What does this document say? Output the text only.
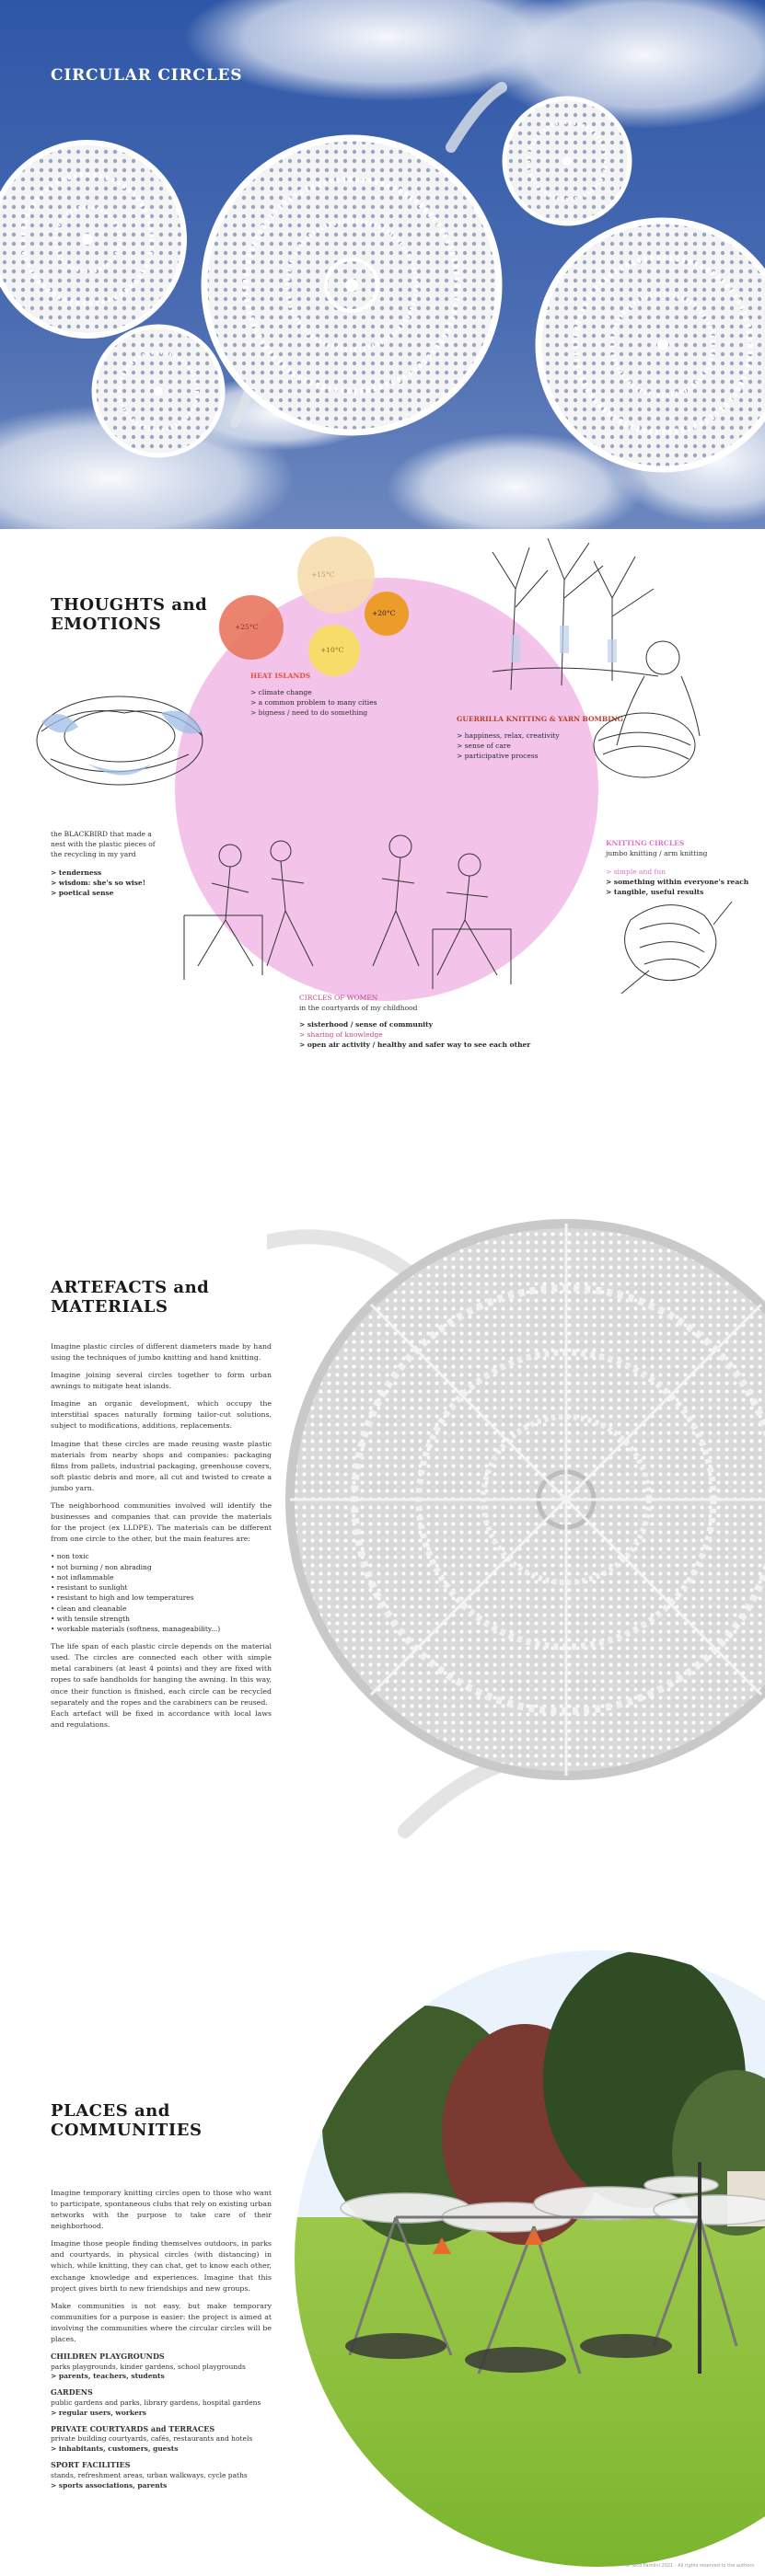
CIRCULAR CIRCLES
THOUGHTS and
EMOTIONS
+15°C
+25°C
+20°C
+10°C
HEAT ISLANDS
> climate change
> a common problem to many cities
> bigness / need to do something
GUERRILLA KNITTING & YARN BOMBING
> happiness, relax, creativity
> sense of care
> participative process
the BLACKBIRD that made a nest with the plastic pieces of the recycling in my yard
> tenderness
> wisdom: she's so wise!
> poetical sense
KNITTING CIRCLES
jumbo knitting / arm knitting
> simple and fun
> something within everyone's reach
> tangible, useful results
CIRCLES OF WOMEN
in the courtyards of my childhood
> sisterhood / sense of community
> sharing of knowledge
> open air activity / healthy and safer way to see each other
ARTEFACTS and
MATERIALS

Imagine plastic circles of different diameters made by hand using the techniques of jumbo knitting and hand knitting.

Imagine joining several circles together to form urban awnings to mitigate heat islands.

Imagine an organic development, which occupy the interstitial spaces naturally forming tailor-cut solutions, subject to modifications, additions, replacements.

Imagine that these circles are made reusing waste plastic materials from nearby shops and companies: packaging films from pallets, industrial packaging, greenhouse covers, soft plastic debris and more, all cut and twisted to create a jumbo yarn.

The neighborhood communities involved will identify the businesses and companies that can provide the materials for the project (ex LLDPE). The materials can be different from one circle to the other, but the main features are:

• non toxic
• not burning / non abrading
• not inflammable
• resistant to sunlight
• resistant to high and low temperatures
• clean and cleanable
• with tensile strength
• workable materials (softness, manageability...)

The life span of each plastic circle depends on the material used. The circles are connected each other with simple metal carabiners (at least 4 points) and they are fixed with ropes to safe handholds for hanging the awning. In this way, once their function is finished, each circle can be recycled separately and the ropes and the carabiners can be reused.

Each artefact will be fixed in accordance with local laws and regulations.

PLACES and
COMMUNITIES

Imagine temporary knitting circles open to those who want to participate, spontaneous clubs that rely on existing urban networks with the purpose to take care of their neighborhood.

Imagine those people finding themselves outdoors, in parks and courtyards, in physical circles (with distancing) in which, while knitting, they can chat, get to know each other, exchange knowledge and experiences. Imagine that this project gives birth to new friendships and new groups.

Make communities is not easy, but make temporary communities for a purpose is easier: the project is aimed at involving the communities where the circular circles will be places.

CHILDREN PLAYGROUNDS
parks playgrounds, kinder gardens, school playgrounds
> parents, teachers, students
GARDENS
public gardens and parks, library gardens, hospital gardens
> regular users, workers
PRIVATE COURTYARDS and TERRACES
private building courtyards, cafés, restaurants and hotels
> inhabitants, customers, guests
SPORT FACILITIES
stands, refreshment areas, urban walkways, cycle paths
> sports associations, parents
© Nico Parolini 2021 - All rights reserved to the authors
